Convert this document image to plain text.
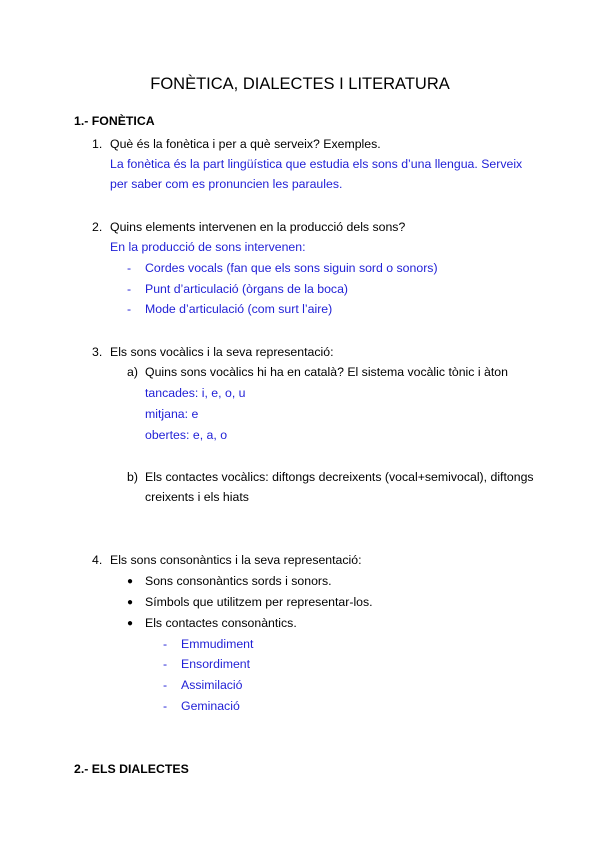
FONÈTICA, DIALECTES I LITERATURA
1.- FONÈTICA
1. Què és la fonètica i per a què serveix? Exemples.
La fonètica és la part lingüística que estudia els sons d’una llengua. Serveix
per saber com es pronuncien les paraules.
2. Quins elements intervenen en la producció dels sons?
En la producció de sons intervenen:
- Cordes vocals (fan que els sons siguin sord o sonors)
- Punt d’articulació (òrgans de la boca)
- Mode d’articulació (com surt l’aire)
3. Els sons vocàlics i la seva representació:
a) Quins sons vocàlics hi ha en català? El sistema vocàlic tònic i àton
tancades: i, e, o, u
mitjana: e
obertes: e, a, o
b) Els contactes vocàlics: diftongs decreixents (vocal+semivocal), diftongs
creixents i els hiats
4. Els sons consonàntics i la seva representació:
● Sons consonàntics sords i sonors.
● Símbols que utilitzem per representar-los.
● Els contactes consonàntics.
- Emmudiment
- Ensordiment
- Assimilació
- Geminació
2.- ELS DIALECTES
